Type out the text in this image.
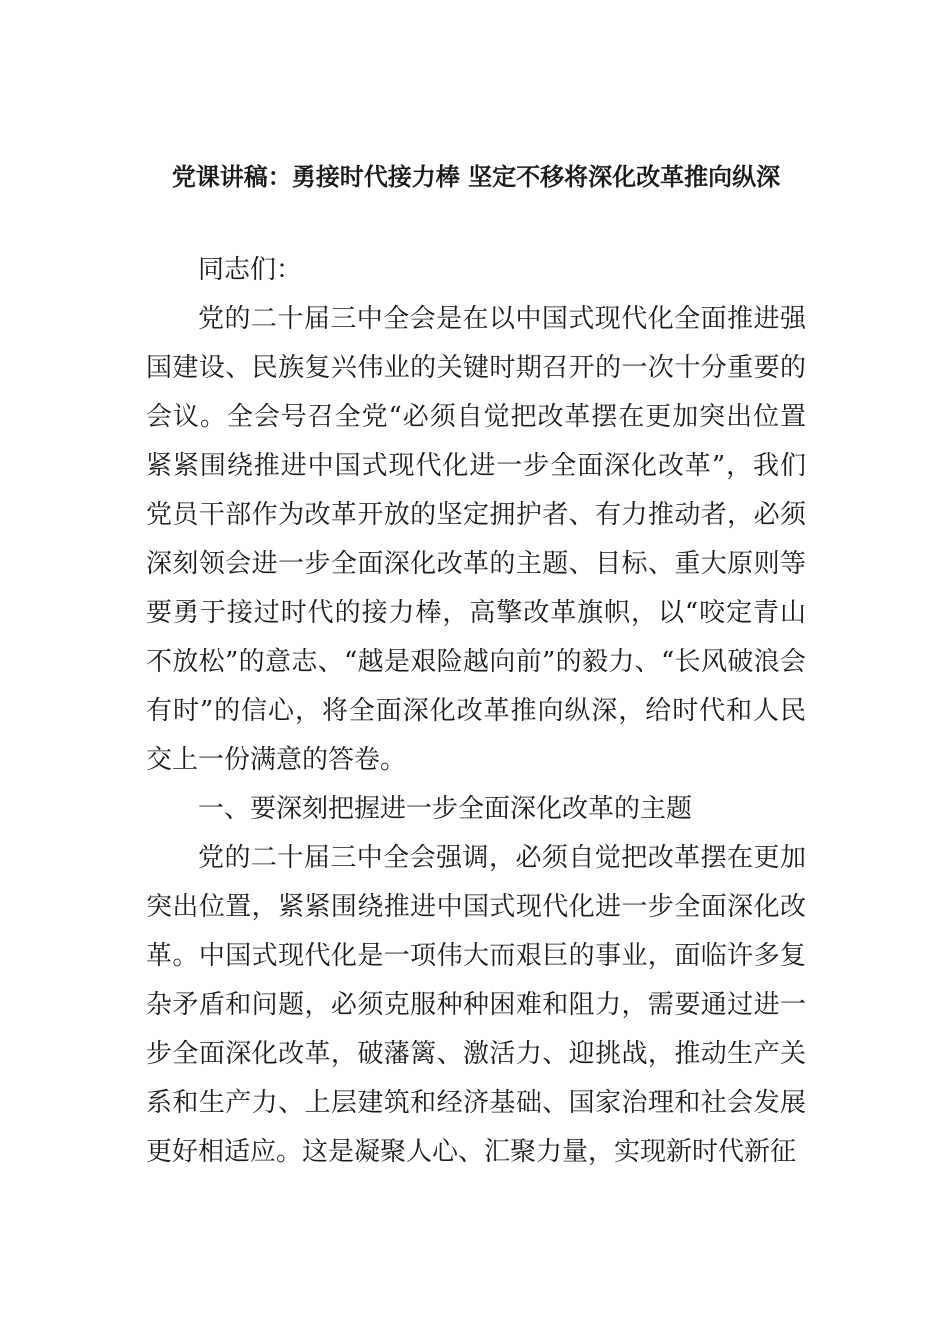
党课讲稿：勇接时代接力棒 坚定不移将深化改革推向纵深

同志们：

党的二十届三中全会是在以中国式现代化全面推进强国建设、民族复兴伟业的关键时期召开的一次十分重要的会议。全会号召全党“必须自觉把改革摆在更加突出位置紧紧围绕推进中国式现代化进一步全面深化改革”，我们党员干部作为改革开放的坚定拥护者、有力推动者，必须深刻领会进一步全面深化改革的主题、目标、重大原则等要勇于接过时代的接力棒，高擎改革旗帜，以“咬定青山不放松”的意志、“越是艰险越向前”的毅力、“长风破浪会有时”的信心，将全面深化改革推向纵深，给时代和人民交上一份满意的答卷。

一、要深刻把握进一步全面深化改革的主题

党的二十届三中全会强调，必须自觉把改革摆在更加突出位置，紧紧围绕推进中国式现代化进一步全面深化改革。中国式现代化是一项伟大而艰巨的事业，面临许多复杂矛盾和问题，必须克服种种困难和阻力，需要通过进一步全面深化改革，破藩篱、激活力、迎挑战，推动生产关系和生产力、上层建筑和经济基础、国家治理和社会发展更好相适应。这是凝聚人心、汇聚力量，实现新时代新征
